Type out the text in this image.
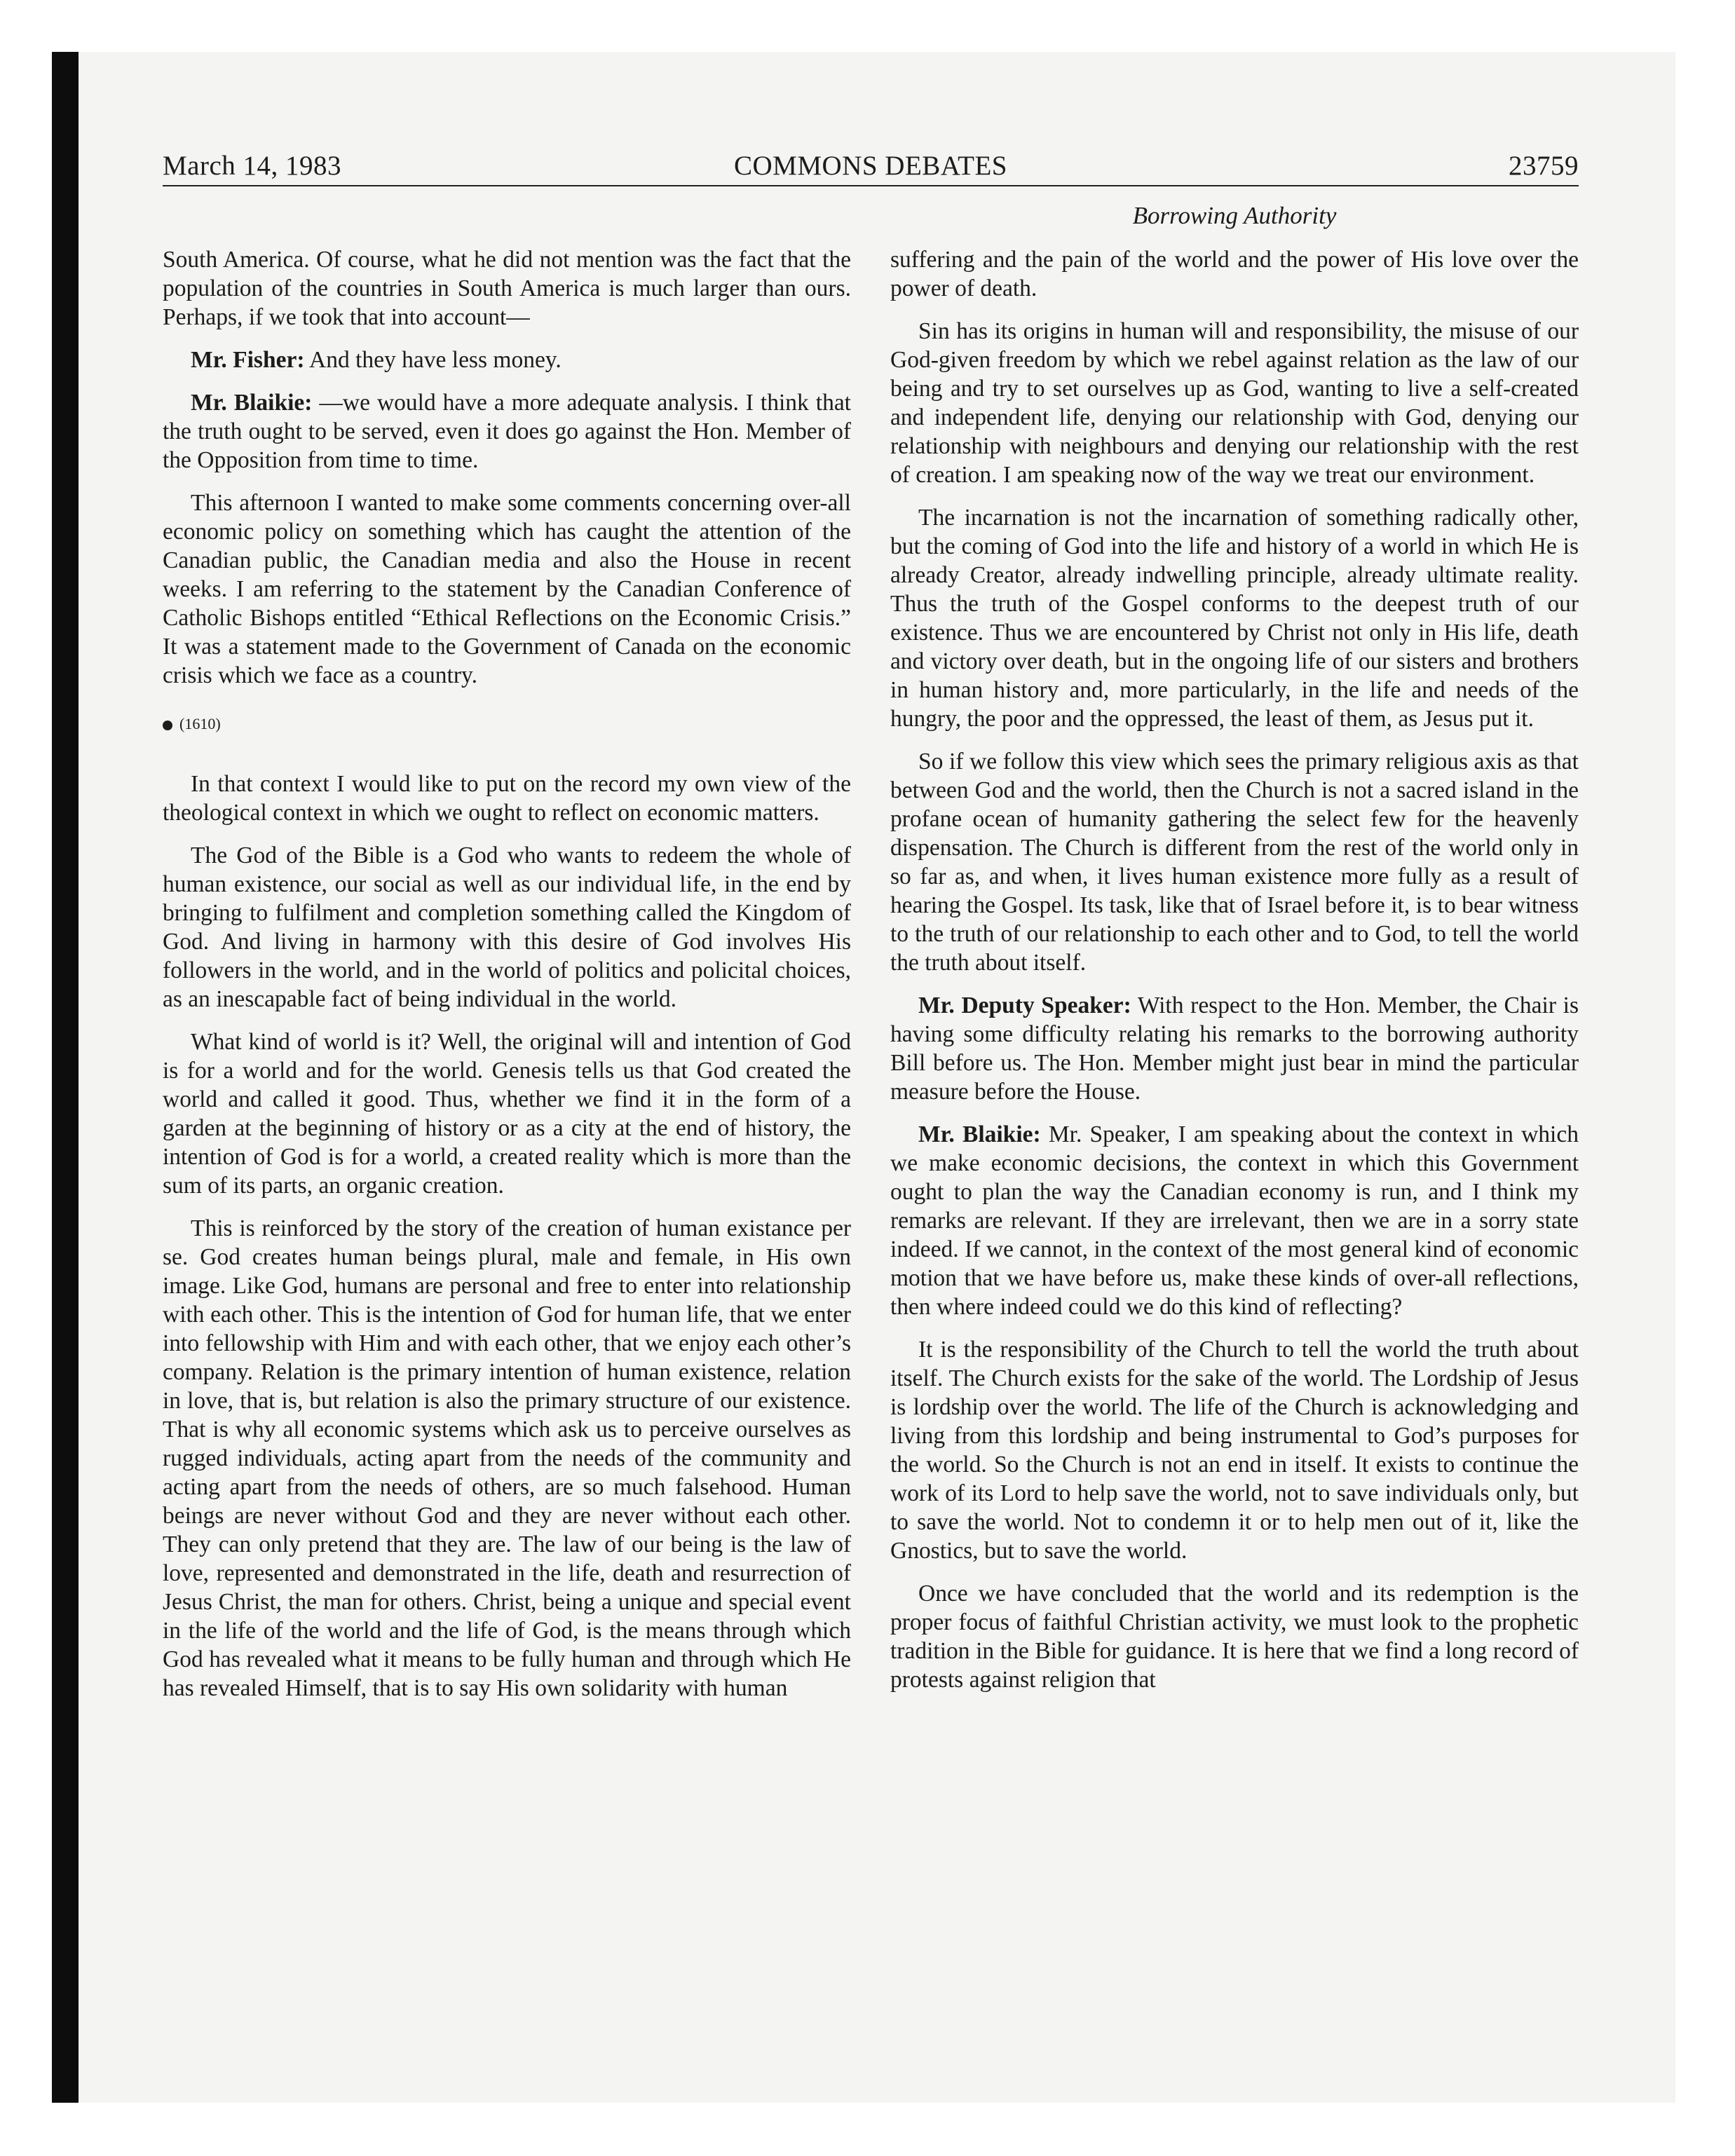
March 14, 1983	COMMONS DEBATES	23759
Borrowing Authority

South America. Of course, what he did not mention was the fact that the population of the countries in South America is much larger than ours. Perhaps, if we took that into account—

Mr. Fisher: And they have less money.

Mr. Blaikie: —we would have a more adequate analysis. I think that the truth ought to be served, even it does go against the Hon. Member of the Opposition from time to time.

This afternoon I wanted to make some comments concerning over-all economic policy on something which has caught the attention of the Canadian public, the Canadian media and also the House in recent weeks. I am referring to the statement by the Canadian Conference of Catholic Bishops entitled “Ethical Reflections on the Economic Crisis.” It was a statement made to the Government of Canada on the economic crisis which we face as a country.

(1610)

In that context I would like to put on the record my own view of the theological context in which we ought to reflect on economic matters.

The God of the Bible is a God who wants to redeem the whole of human existence, our social as well as our individual life, in the end by bringing to fulfilment and completion something called the Kingdom of God. And living in harmony with this desire of God involves His followers in the world, and in the world of politics and policital choices, as an inescapable fact of being individual in the world.

What kind of world is it? Well, the original will and intention of God is for a world and for the world. Genesis tells us that God created the world and called it good. Thus, whether we find it in the form of a garden at the beginning of history or as a city at the end of history, the intention of God is for a world, a created reality which is more than the sum of its parts, an organic creation.

This is reinforced by the story of the creation of human existance per se. God creates human beings plural, male and female, in His own image. Like God, humans are personal and free to enter into relationship with each other. This is the intention of God for human life, that we enter into fellowship with Him and with each other, that we enjoy each other’s company. Relation is the primary intention of human existence, relation in love, that is, but relation is also the primary structure of our existence. That is why all economic systems which ask us to perceive ourselves as rugged individuals, acting apart from the needs of the community and acting apart from the needs of others, are so much falsehood. Human beings are never without God and they are never without each other. They can only pretend that they are. The law of our being is the law of love, represented and demonstrated in the life, death and resurrection of Jesus Christ, the man for others. Christ, being a unique and special event in the life of the world and the life of God, is the means through which God has revealed what it means to be fully human and through which He has revealed Himself, that is to say His own solidarity with human

suffering and the pain of the world and the power of His love over the power of death.

Sin has its origins in human will and responsibility, the misuse of our God-given freedom by which we rebel against relation as the law of our being and try to set ourselves up as God, wanting to live a self-created and independent life, denying our relationship with God, denying our relationship with neighbours and denying our relationship with the rest of creation. I am speaking now of the way we treat our environment.

The incarnation is not the incarnation of something radically other, but the coming of God into the life and history of a world in which He is already Creator, already indwelling principle, already ultimate reality. Thus the truth of the Gospel conforms to the deepest truth of our existence. Thus we are encountered by Christ not only in His life, death and victory over death, but in the ongoing life of our sisters and brothers in human history and, more particularly, in the life and needs of the hungry, the poor and the oppressed, the least of them, as Jesus put it.

So if we follow this view which sees the primary religious axis as that between God and the world, then the Church is not a sacred island in the profane ocean of humanity gathering the select few for the heavenly dispensation. The Church is different from the rest of the world only in so far as, and when, it lives human existence more fully as a result of hearing the Gospel. Its task, like that of Israel before it, is to bear witness to the truth of our relationship to each other and to God, to tell the world the truth about itself.

Mr. Deputy Speaker: With respect to the Hon. Member, the Chair is having some difficulty relating his remarks to the borrowing authority Bill before us. The Hon. Member might just bear in mind the particular measure before the House.

Mr. Blaikie: Mr. Speaker, I am speaking about the context in which we make economic decisions, the context in which this Government ought to plan the way the Canadian economy is run, and I think my remarks are relevant. If they are irrelevant, then we are in a sorry state indeed. If we cannot, in the context of the most general kind of economic motion that we have before us, make these kinds of over-all reflections, then where indeed could we do this kind of reflecting?

It is the responsibility of the Church to tell the world the truth about itself. The Church exists for the sake of the world. The Lordship of Jesus is lordship over the world. The life of the Church is acknowledging and living from this lordship and being instrumental to God’s purposes for the world. So the Church is not an end in itself. It exists to continue the work of its Lord to help save the world, not to save individuals only, but to save the world. Not to condemn it or to help men out of it, like the Gnostics, but to save the world.

Once we have concluded that the world and its redemption is the proper focus of faithful Christian activity, we must look to the prophetic tradition in the Bible for guidance. It is here that we find a long record of protests against religion that
